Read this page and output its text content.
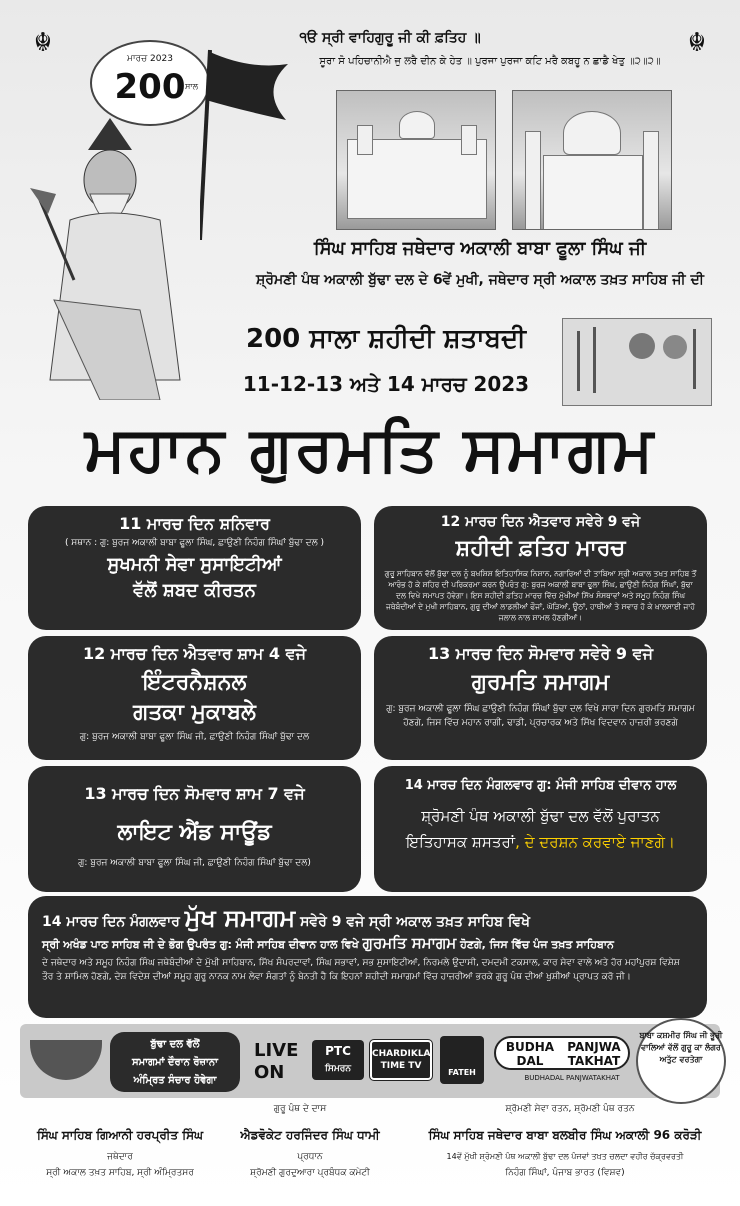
☬	☬
੧ੳ ਸ੍ਰੀ ਵਾਹਿਗੁਰੂ ਜੀ ਕੀ ਫ਼ਤਿਹ ॥
ਸੂਰਾ ਸੋ ਪਹਿਚਾਨੀਐ ਜੁ ਲਰੈ ਦੀਨ ਕੇ ਹੇਤ ॥ ਪੁਰਜਾ ਪੁਰਜਾ ਕਟਿ ਮਰੈ ਕਬਹੂ ਨ ਛਾਡੈ ਖੇਤੁ ॥੨॥੨॥
ਮਾਰਚ 2023
200 ਸਾਲ
ਸਿੰਘ ਸਾਹਿਬ ਜਥੇਦਾਰ ਅਕਾਲੀ ਬਾਬਾ ਫੂਲਾ ਸਿੰਘ ਜੀ
ਸ਼੍ਰੋਮਣੀ ਪੰਥ ਅਕਾਲੀ ਬੁੱਢਾ ਦਲ ਦੇ 6ਵੇਂ ਮੁਖੀ, ਜਥੇਦਾਰ ਸ੍ਰੀ ਅਕਾਲ ਤਖ਼ਤ ਸਾਹਿਬ ਜੀ ਦੀ
200 ਸਾਲਾ ਸ਼ਹੀਦੀ ਸ਼ਤਾਬਦੀ
11-12-13 ਅਤੇ 14 ਮਾਰਚ 2023
ਮਹਾਨ ਗੁਰਮਤਿ ਸਮਾਗਮ
11 ਮਾਰਚ ਦਿਨ ਸ਼ਨਿਵਾਰ
( ਸਥਾਨ : ਗੁ: ਬੁਰਜ ਅਕਾਲੀ ਬਾਬਾ ਫੂਲਾ ਸਿੰਘ, ਛਾਉਣੀ ਨਿਹੰਗ ਸਿੰਘਾਂ ਬੁੱਢਾ ਦਲ )
ਸੁਖਮਨੀ ਸੇਵਾ ਸੁਸਾਇਟੀਆਂ
ਵੱਲੋਂ ਸ਼ਬਦ ਕੀਰਤਨ
12 ਮਾਰਚ ਦਿਨ ਐਤਵਾਰ ਸਵੇਰੇ 9 ਵਜੇ
ਸ਼ਹੀਦੀ ਫ਼ਤਿਹ ਮਾਰਚ
ਗੁਰੂ ਸਾਹਿਬਾਨ ਵੱਲੋਂ ਬੁੱਢਾ ਦਲ ਨੂੰ ਬਖਸ਼ਿਸ਼ ਇਤਿਹਾਸਿਕ ਨਿਸ਼ਾਨ, ਨਗਾਰਿਆਂ ਦੀ ਤਾਬਿਆ ਸ੍ਰੀ ਅਕਾਲ ਤਖ਼ਤ ਸਾਹਿਬ ਤੋਂ ਆਰੰਭ ਹੋ ਕੇ ਸ਼ਹਿਰ ਦੀ ਪਰਿਕਰਮਾ ਕਰਨ ਉਪਰੰਤ ਗੁ: ਬੁਰਜ ਅਕਾਲੀ ਬਾਬਾ ਫੂਲਾ ਸਿੰਘ, ਛਾਉਣੀ ਨਿਹੰਗ ਸਿੰਘਾਂ, ਬੁੱਢਾ ਦਲ ਵਿਖੇ ਸਮਾਪਤ ਹੋਵੇਗਾ। ਇਸ ਸ਼ਹੀਦੀ ਫ਼ਤਿਹ ਮਾਰਚ ਵਿੱਚ ਮੁੱਖੀਆਂ ਸਿੱਖ ਸੰਸਥਾਵਾਂ ਅਤੇ ਸਮੂਹ ਨਿਹੰਗ ਸਿੰਘ ਜਥੇਬੰਦੀਆਂ ਦੇ ਮੁਖੀ ਸਾਹਿਬਾਨ, ਗੁਰੂ ਦੀਆਂ ਲਾਡਲੀਆਂ ਫੌਜਾਂ, ਘੋੜਿਆਂ, ਊਠਾਂ, ਹਾਥੀਆਂ ਤੇ ਸਵਾਰ ਹੋ ਕੇ ਖ਼ਾਲਸਾਈ ਜਾਹੋ ਜਲਾਲ ਨਾਲ ਸ਼ਾਮਲ ਹੋਣਗੀਆਂ।
12 ਮਾਰਚ ਦਿਨ ਐਤਵਾਰ ਸ਼ਾਮ 4 ਵਜੇ
ਇੰਟਰਨੈਸ਼ਨਲ
ਗਤਕਾ ਮੁਕਾਬਲੇ
ਗੁ: ਬੁਰਜ ਅਕਾਲੀ ਬਾਬਾ ਫੂਲਾ ਸਿੰਘ ਜੀ, ਛਾਉਣੀ ਨਿਹੰਗ ਸਿੰਘਾਂ ਬੁੱਢਾ ਦਲ
13 ਮਾਰਚ ਦਿਨ ਸੋਮਵਾਰ ਸਵੇਰੇ 9 ਵਜੇ
ਗੁਰਮਤਿ ਸਮਾਗਮ
ਗੁ: ਬੁਰਜ ਅਕਾਲੀ ਫੂਲਾ ਸਿੰਘ ਛਾਉਣੀ ਨਿਹੰਗ ਸਿੰਘਾਂ ਬੁੱਢਾ ਦਲ ਵਿਖੇ ਸਾਰਾ ਦਿਨ ਗੁਰਮਤਿ ਸਮਾਗਮ ਹੋਣਗੇ, ਜਿਸ ਵਿੱਚ ਮਹਾਨ ਰਾਗੀ, ਢਾਡੀ, ਪ੍ਰਚਾਰਕ ਅਤੇ ਸਿੱਖ ਵਿਦਵਾਨ ਹਾਜ਼ਰੀ ਭਰਣਗੇ
13 ਮਾਰਚ ਦਿਨ ਸੋਮਵਾਰ ਸ਼ਾਮ 7 ਵਜੇ
ਲਾਇਟ ਐਂਡ ਸਾਊਂਡ
ਗੁ: ਬੁਰਜ ਅਕਾਲੀ ਬਾਬਾ ਫੂਲਾ ਸਿੰਘ ਜੀ, ਛਾਉਣੀ ਨਿਹੰਗ ਸਿੰਘਾਂ ਬੁੱਢਾ ਦਲ)
14 ਮਾਰਚ ਦਿਨ ਮੰਗਲਵਾਰ ਗੁ: ਮੰਜੀ ਸਾਹਿਬ ਦੀਵਾਨ ਹਾਲ
ਸ਼੍ਰੋਮਣੀ ਪੰਥ ਅਕਾਲੀ ਬੁੱਢਾ ਦਲ ਵੱਲੋਂ ਪੁਰਾਤਨ
ਇਤਿਹਾਸਕ ਸ਼ਸਤਰਾਂ, ਦੇ ਦਰਸ਼ਨ ਕਰਵਾਏ ਜਾਣਗੇ।
14 ਮਾਰਚ ਦਿਨ ਮੰਗਲਵਾਰ ਮੁੱਖ ਸਮਾਗਮ ਸਵੇਰੇ 9 ਵਜੇ ਸ੍ਰੀ ਅਕਾਲ ਤਖ਼ਤ ਸਾਹਿਬ ਵਿਖੇ
ਸ੍ਰੀ ਅਖੰਡ ਪਾਠ ਸਾਹਿਬ ਜੀ ਦੇ ਭੋਗ ਉਪਰੰਤ ਗੁ: ਮੰਜੀ ਸਾਹਿਬ ਦੀਵਾਨ ਹਾਲ ਵਿਖੇ ਗੁਰਮਤਿ ਸਮਾਗਮ ਹੋਣਗੇ, ਜਿਸ ਵਿੱਚ ਪੰਜ ਤਖ਼ਤ ਸਾਹਿਬਾਨ
ਦੇ ਜਥੇਦਾਰ ਅਤੇ ਸਮੂਹ ਨਿਹੰਗ ਸਿੰਘ ਜਥੇਬੰਦੀਆਂ ਦੇ ਮੁੱਖੀ ਸਾਹਿਬਾਨ, ਸਿੱਖ ਸੰਪਰਦਾਵਾਂ, ਸਿੰਘ ਸਭਾਵਾਂ, ਸਭ ਸੁਸਾਇਟੀਆਂ, ਨਿਰਮਲੇ ਉਦਾਸੀ, ਦਮਦਮੀ ਟਕਸਾਲ, ਕਾਰ ਸੇਵਾ ਵਾਲੇ ਅਤੇ ਹੋਰ ਮਹਾਂਪੁਰਸ਼ ਵਿਸ਼ੇਸ਼ ਤੌਰ ਤੇ ਸ਼ਾਮਿਲ ਹੋਣਗੇ, ਦੇਸ਼ ਵਿਦੇਸ਼ ਦੀਆਂ ਸਮੂਹ ਗੁਰੂ ਨਾਨਕ ਨਾਮ ਲੇਵਾ ਸੰਗਤਾਂ ਨੂੰ ਬੇਨਤੀ ਹੈ ਕਿ ਇਹਨਾਂ ਸ਼ਹੀਦੀ ਸਮਾਗਮਾਂ ਵਿੱਚ ਹਾਜ਼ਰੀਆਂ ਭਰਕੇ ਗੁਰੂ ਪੰਥ ਦੀਆਂ ਖੁਸ਼ੀਆਂ ਪ੍ਰਾਪਤ ਕਰੋ ਜੀ।
ਬੁੱਢਾ ਦਲ ਵੱਲੋਂ
ਸਮਾਗਮਾਂ ਦੌਰਾਨ ਰੋਜ਼ਾਨਾ
ਅੰਮ੍ਰਿਤ ਸੰਚਾਰ ਹੋਵੇਗਾ
LIVE
ON
PTC
ਸਿਮਰਨ
CHARDIKLA TIME TV
FATEH
BUDHA DALPANJWA TAKHAT
BUDHADAL PANJWATAKHAT
ਬਾਬਾ ਕਸ਼ਮੀਰ ਸਿੰਘ ਜੀ ਭੂਰੀ ਵਾਲਿਆਂ ਵੱਲੋਂ ਗੁਰੂ ਕਾ ਲੰਗਰ ਅਤੁੱਟ ਵਰਤੇਗਾ
ਗੁਰੂ ਪੰਥ ਦੇ ਦਾਸ	ਸ਼੍ਰੋਮਣੀ ਸੇਵਾ ਰਤਨ, ਸ਼੍ਰੋਮਣੀ ਪੰਥ ਰਤਨ
ਸਿੰਘ ਸਾਹਿਬ ਗਿਆਨੀ ਹਰਪ੍ਰੀਤ ਸਿੰਘ
ਜਥੇਦਾਰ
ਸ੍ਰੀ ਅਕਾਲ ਤਖ਼ਤ ਸਾਹਿਬ, ਸ੍ਰੀ ਅੰਮ੍ਰਿਤਸਰ
ਐਡਵੋਕੇਟ ਹਰਜਿੰਦਰ ਸਿੰਘ ਧਾਮੀ
ਪ੍ਰਧਾਨ
ਸ਼੍ਰੋਮਣੀ ਗੁਰਦੁਆਰਾ ਪ੍ਰਬੰਧਕ ਕਮੇਟੀ
ਸਿੰਘ ਸਾਹਿਬ ਜਥੇਦਾਰ ਬਾਬਾ ਬਲਬੀਰ ਸਿੰਘ ਅਕਾਲੀ 96 ਕਰੋੜੀ
14ਵੇਂ ਮੁੱਖੀ ਸ਼੍ਰੋਮਣੀ ਪੰਥ ਅਕਾਲੀ ਬੁੱਢਾ ਦਲ ਪੰਜਵਾਂ ਤਖ਼ਤ ਚਲਦਾ ਵਹੀਰ ਚੱਕ੍ਰਵਰਤੀ
ਨਿਹੰਗ ਸਿੰਘਾਂ, ਪੰਜਾਬ ਭਾਰਤ (ਵਿਸ਼ਵ)
